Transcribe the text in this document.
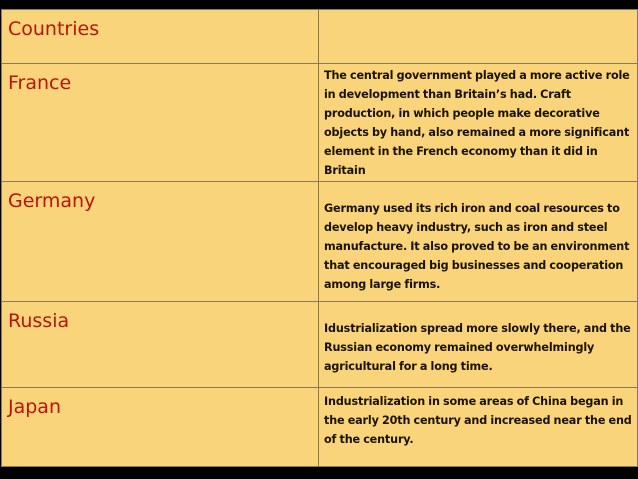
Countries	

France	The central government played a more active role in development than Britain’s had. Craft production, in which people make decorative objects by hand, also remained a more significant element in the French economy than it did in Britain

Germany	Germany used its rich iron and coal resources to develop heavy industry, such as iron and steel manufacture. It also proved to be an environment that encouraged big businesses and cooperation among large firms.

Russia	Idustrialization spread more slowly there, and the Russian economy remained overwhelmingly agricultural for a long time.

Japan	Industrialization in some areas of China began in the early 20th century and increased near the end of the century.
